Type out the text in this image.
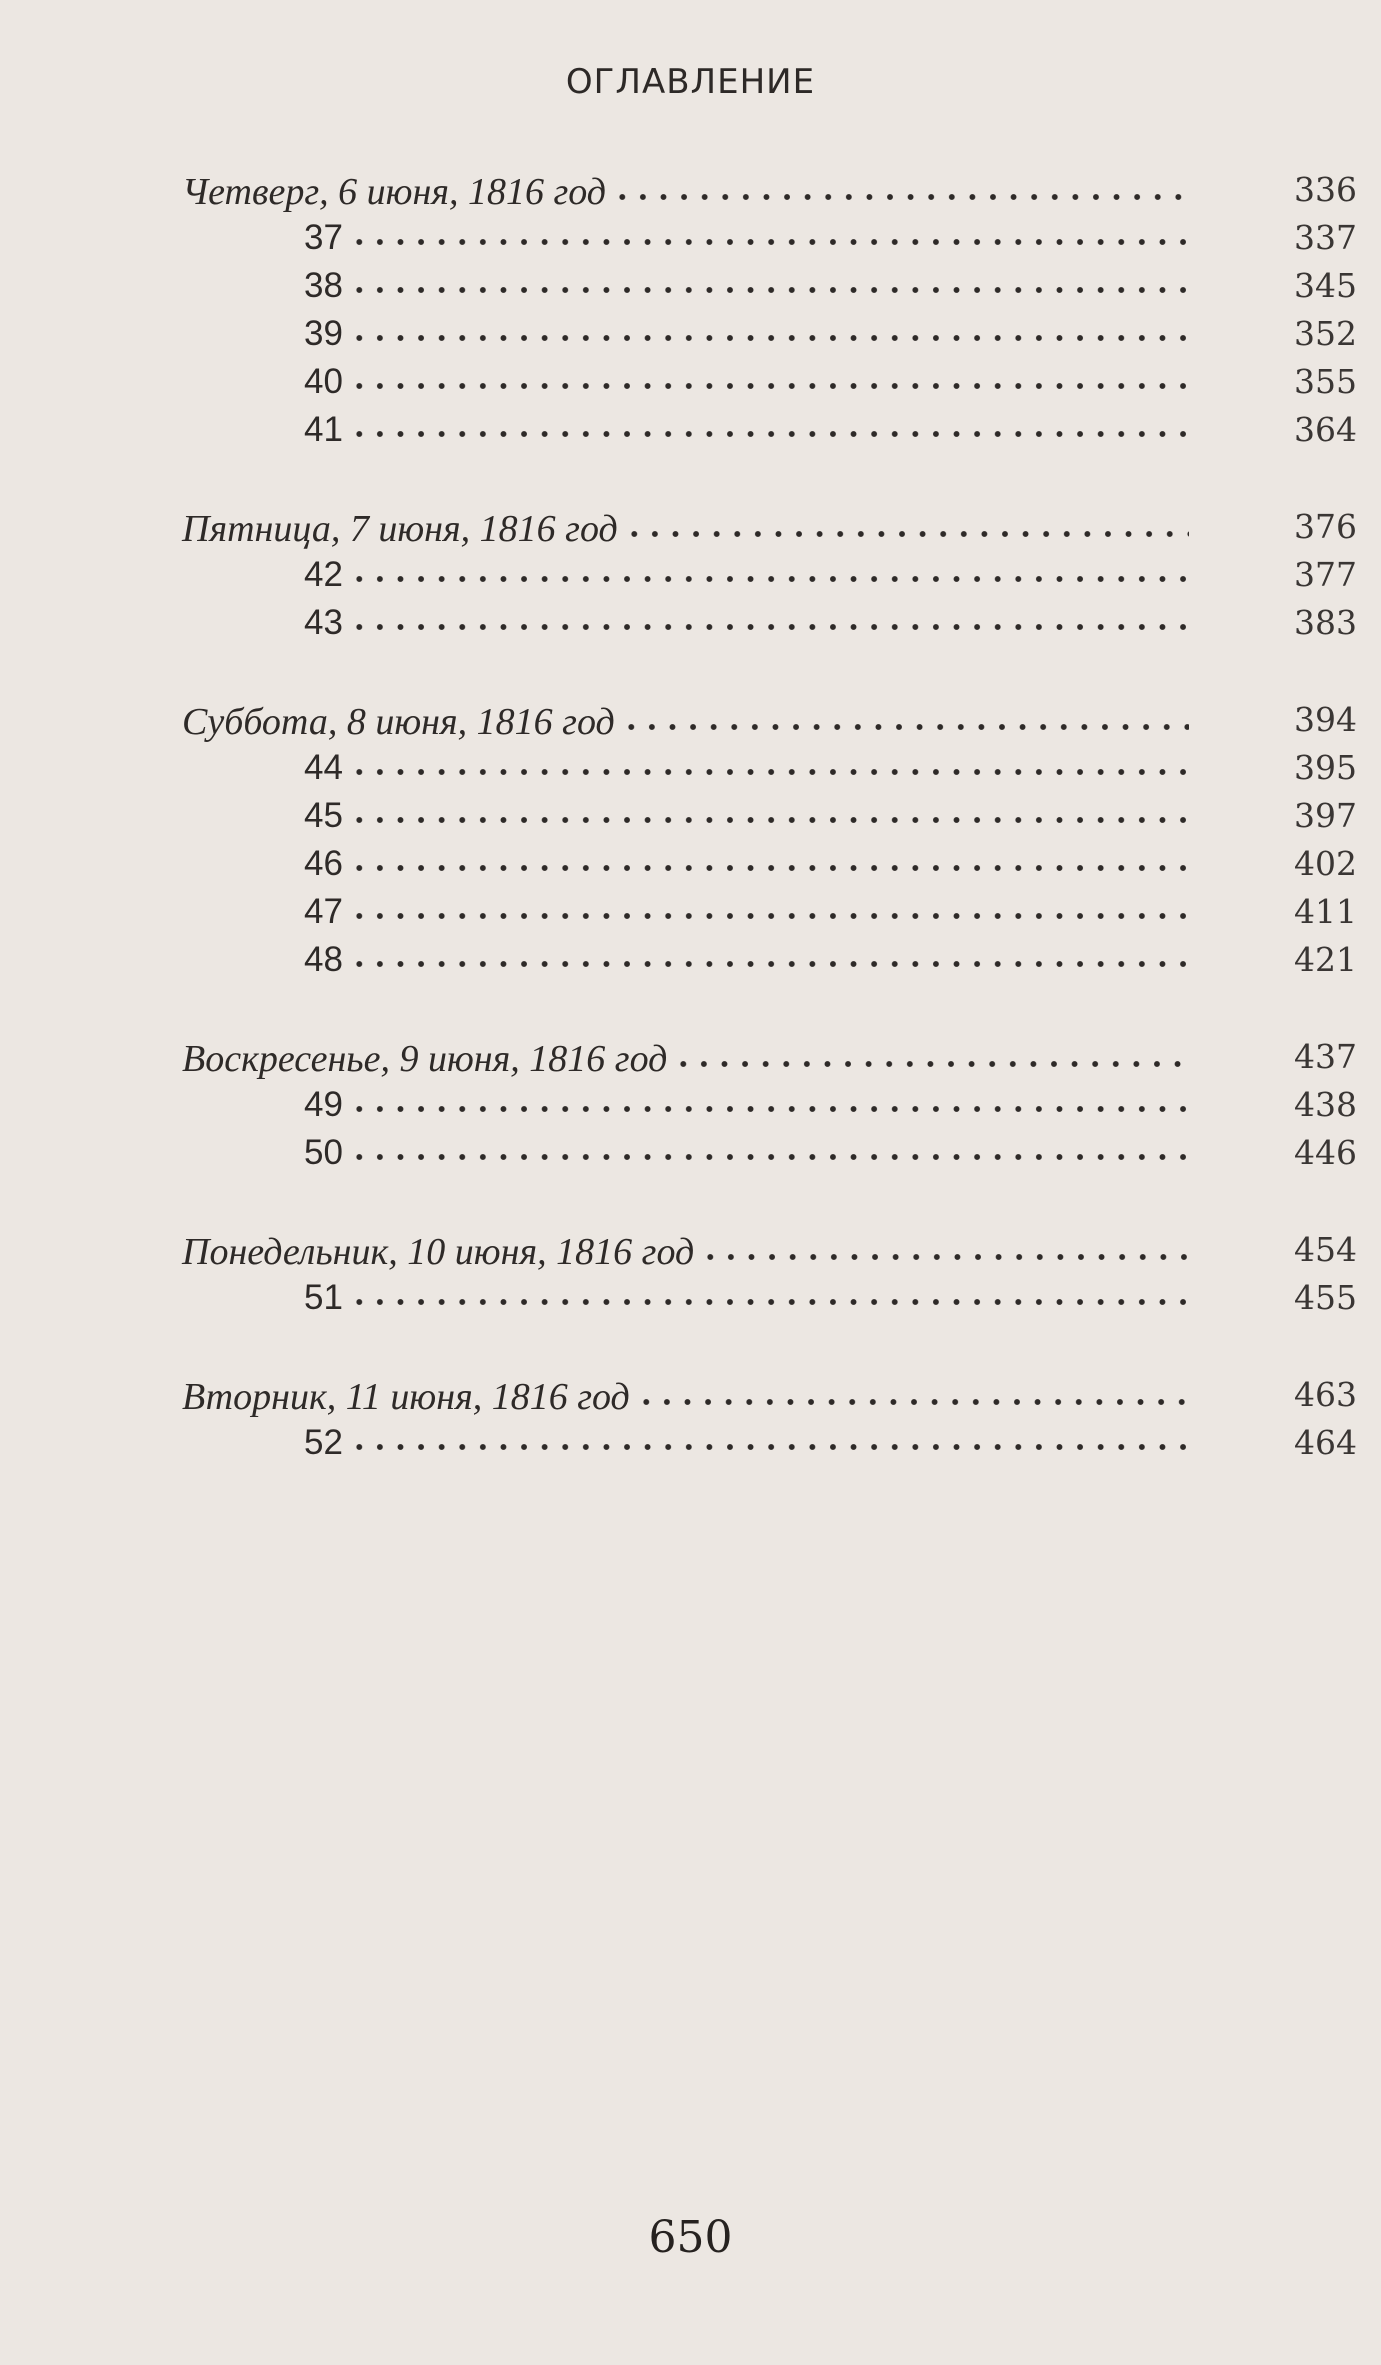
ОГЛАВЛЕНИЕ
Четверг, 6 июня, 1816 год	336
37	337
38	345
39	352
40	355
41	364
Пятница, 7 июня, 1816 год	376
42	377
43	383
Суббота, 8 июня, 1816 год	394
44	395
45	397
46	402
47	411
48	421
Воскресенье, 9 июня, 1816 год	437
49	438
50	446
Понедельник, 10 июня, 1816 год	454
51	455
Вторник, 11 июня, 1816 год	463
52	464
650
